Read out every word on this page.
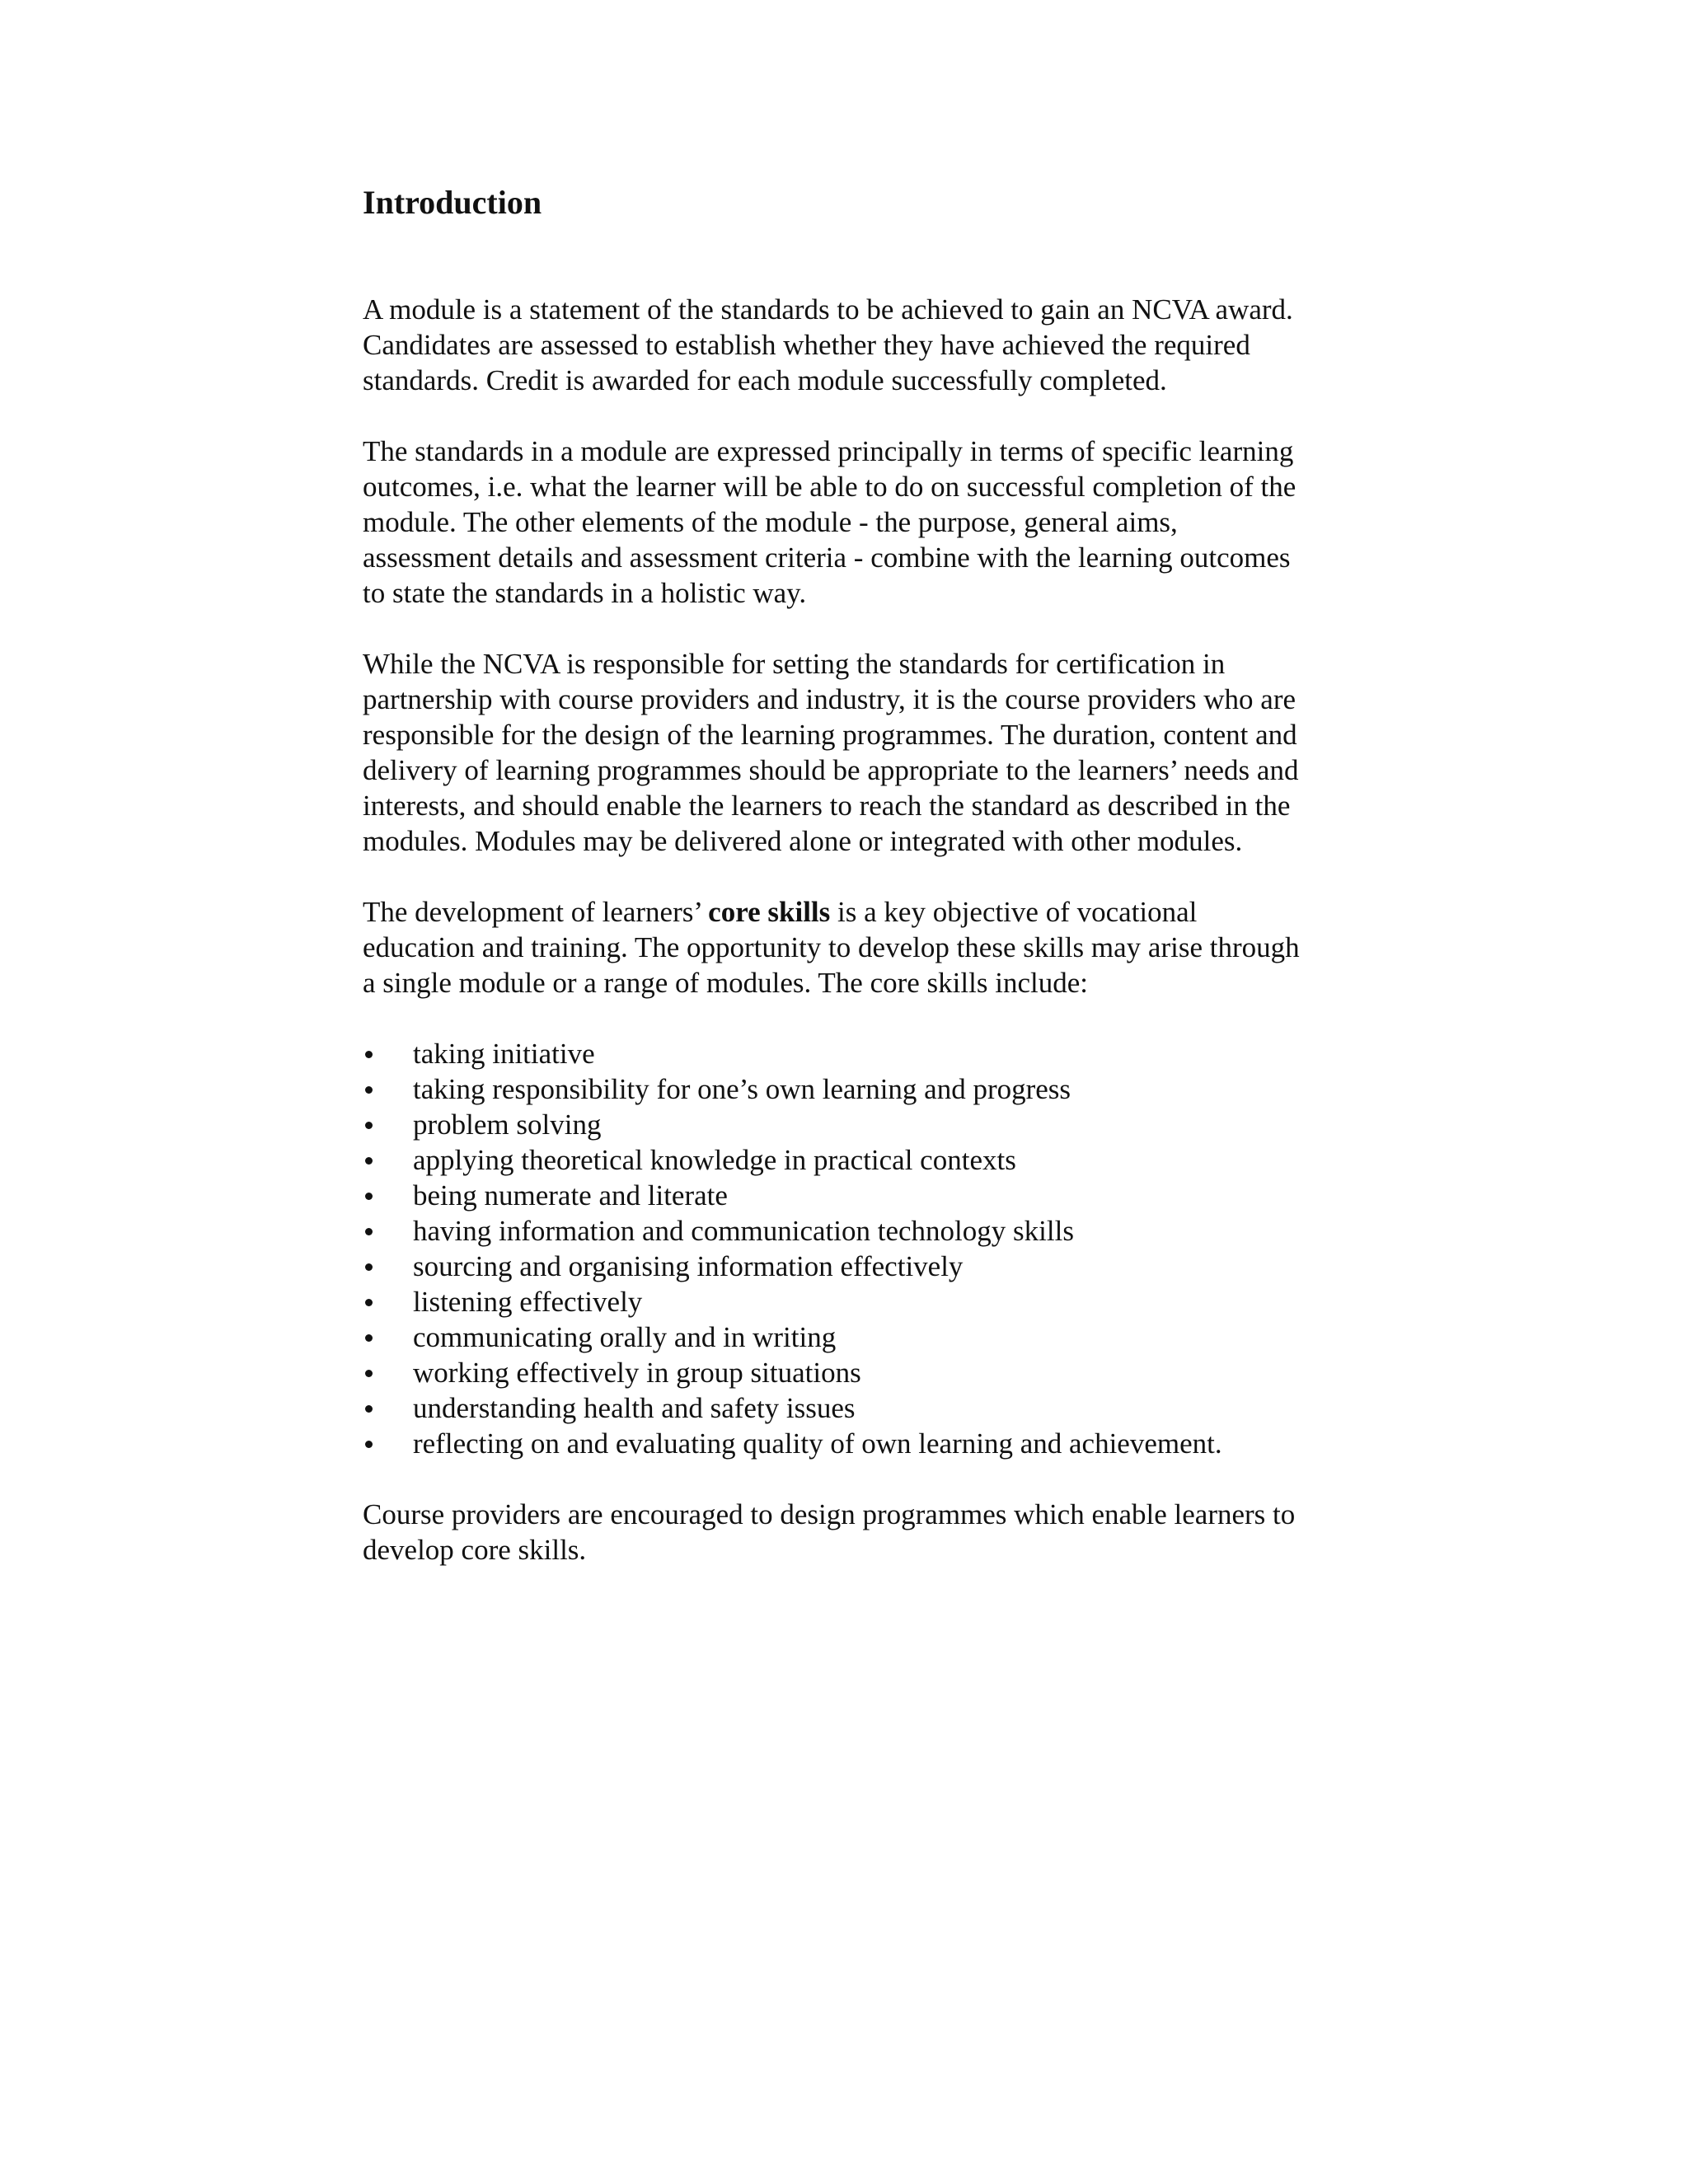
Introduction

A module is a statement of the standards to be achieved to gain an NCVA award.
Candidates are assessed to establish whether they have achieved the required
standards. Credit is awarded for each module successfully completed.

The standards in a module are expressed principally in terms of specific learning
outcomes, i.e. what the learner will be able to do on successful completion of the
module. The other elements of the module - the purpose, general aims,
assessment details and assessment criteria - combine with the learning outcomes
to state the standards in a holistic way.

While the NCVA is responsible for setting the standards for certification in
partnership with course providers and industry, it is the course providers who are
responsible for the design of the learning programmes. The duration, content and
delivery of learning programmes should be appropriate to the learners’ needs and
interests, and should enable the learners to reach the standard as described in the
modules. Modules may be delivered alone or integrated with other modules.

The development of learners’ core skills is a key objective of vocational
education and training. The opportunity to develop these skills may arise through
a single module or a range of modules. The core skills include:

taking initiative
taking responsibility for one’s own learning and progress
problem solving
applying theoretical knowledge in practical contexts
being numerate and literate
having information and communication technology skills
sourcing and organising information effectively
listening effectively
communicating orally and in writing
working effectively in group situations
understanding health and safety issues
reflecting on and evaluating quality of own learning and achievement.

Course providers are encouraged to design programmes which enable learners to
develop core skills.
